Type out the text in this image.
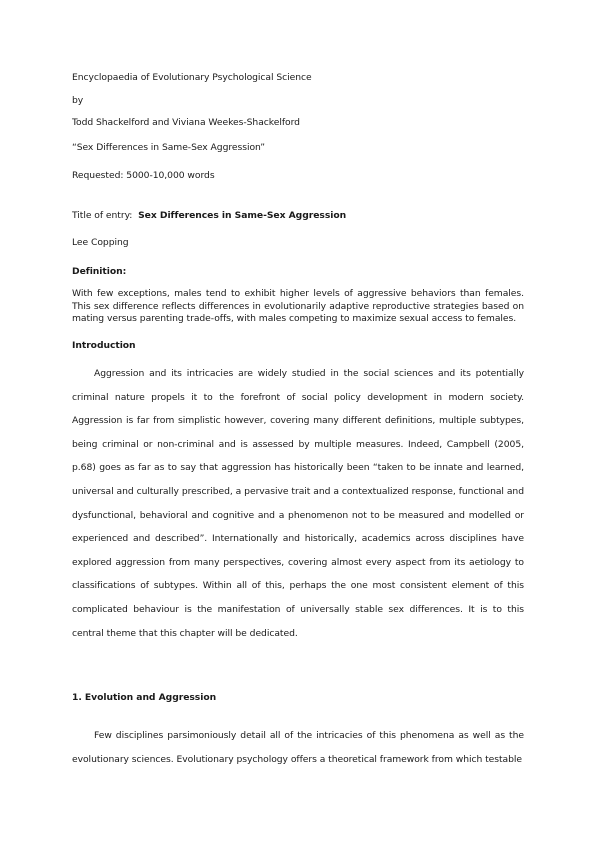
Encyclopaedia of Evolutionary Psychological Science
by
Todd Shackelford and Viviana Weekes-Shackelford
“Sex Differences in Same-Sex Aggression”
Requested: 5000-10,000 words
Title of entry: Sex Differences in Same-Sex Aggression
Lee Copping
Definition:
With few exceptions, males tend to exhibit higher levels of aggressive behaviors than females. This sex difference reflects differences in evolutionarily adaptive reproductive strategies based on mating versus parenting trade-offs, with males competing to maximize sexual access to females.
Introduction
Aggression and its intricacies are widely studied in the social sciences and its potentially criminal nature propels it to the forefront of social policy development in modern society. Aggression is far from simplistic however, covering many different definitions, multiple subtypes, being criminal or non-criminal and is assessed by multiple measures. Indeed, Campbell (2005, p.68) goes as far as to say that aggression has historically been “taken to be innate and learned, universal and culturally prescribed, a pervasive trait and a contextualized response, functional and dysfunctional, behavioral and cognitive and a phenomenon not to be measured and modelled or experienced and described”. Internationally and historically, academics across disciplines have explored aggression from many perspectives, covering almost every aspect from its aetiology to classifications of subtypes. Within all of this, perhaps the one most consistent element of this complicated behaviour is the manifestation of universally stable sex differences. It is to this central theme that this chapter will be dedicated.
1. Evolution and Aggression
Few disciplines parsimoniously detail all of the intricacies of this phenomena as well as the evolutionary sciences. Evolutionary psychology offers a theoretical framework from which testable
